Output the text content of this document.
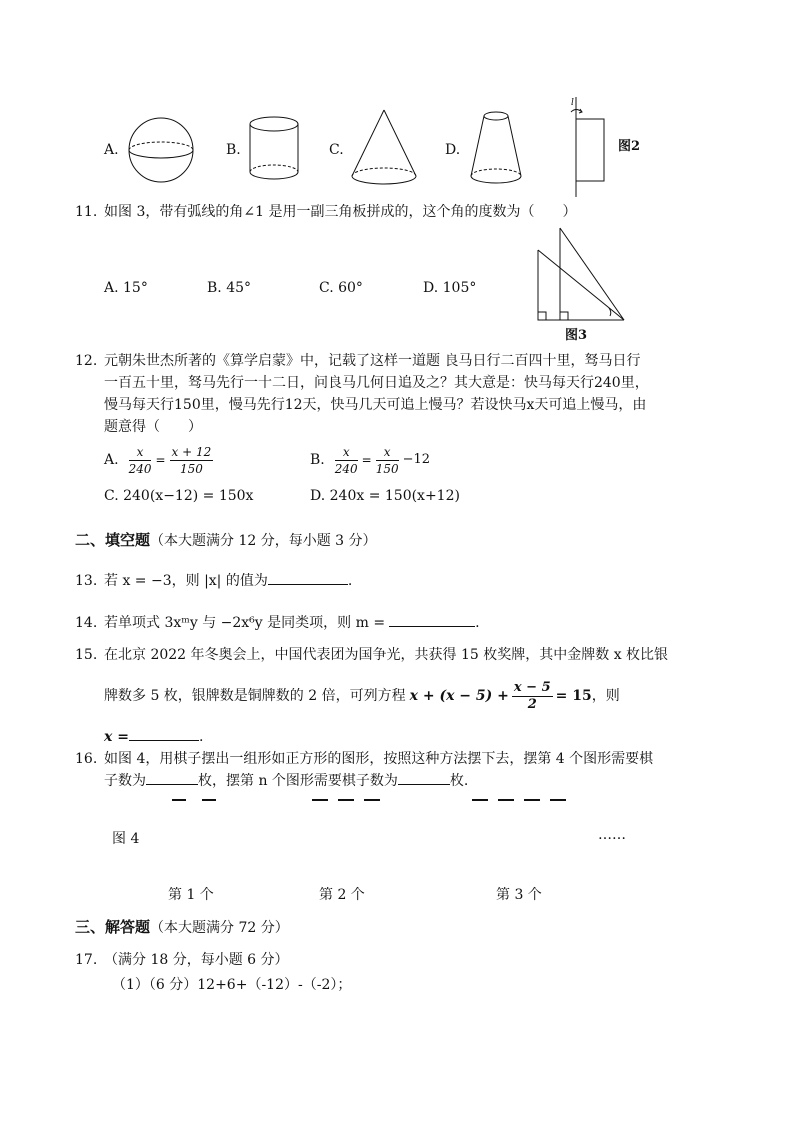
A.	B.	C.	D.
l
图2
11. 如图 3，带有弧线的角∠1 是用一副三角板拼成的，这个角的度数为（　　）
A. 15°	B. 45°	C. 60°	D. 105°
图3
12. 元朝朱世杰所著的《算学启蒙》中，记载了这样一道题 良马日行二百四十里，驽马日行
一百五十里，驽马先行一十二日，问良马几何日追及之？其大意是：快马每天行240里，
慢马每天行150里，慢马先行12天，快马几天可追上慢马？若设快马x天可追上慢马，由
题意得（　　）
A. $\frac{x}{240} = \frac{x + 12}{150}$	B. $\frac{x}{240} = \frac{x}{150} -12$
C. 240(x−12) = 150x	D. 240x = 150(x+12)
二、填空题（本大题满分 12 分，每小题 3 分）
13. 若 x = −3，则 |x| 的值为	.
14. 若单项式 3xᵐy 与 −2x⁶y 是同类项，则 m =	.
15. 在北京 2022 年冬奥会上，中国代表团为国争光，共获得 15 枚奖牌，其中金牌数 x 枚比银
牌数多 5 枚，银牌数是铜牌数的 2 倍，可列方程 $x + (x - 5) + \frac{x - 5}{2} = 15$ ，则
x =	.
16. 如图 4，用棋子摆出一组形如正方形的图形，按照这种方法摆下去，摆第 4 个图形需要棋
子数为	枚，摆第 n 个图形需要棋子数为	枚.
图 4	……
第 1 个	第 2 个	第 3 个
三、解答题（本大题满分 72 分）
17. （满分 18 分，每小题 6 分）
（1）（6 分）12+6+（-12）-（-2）；
